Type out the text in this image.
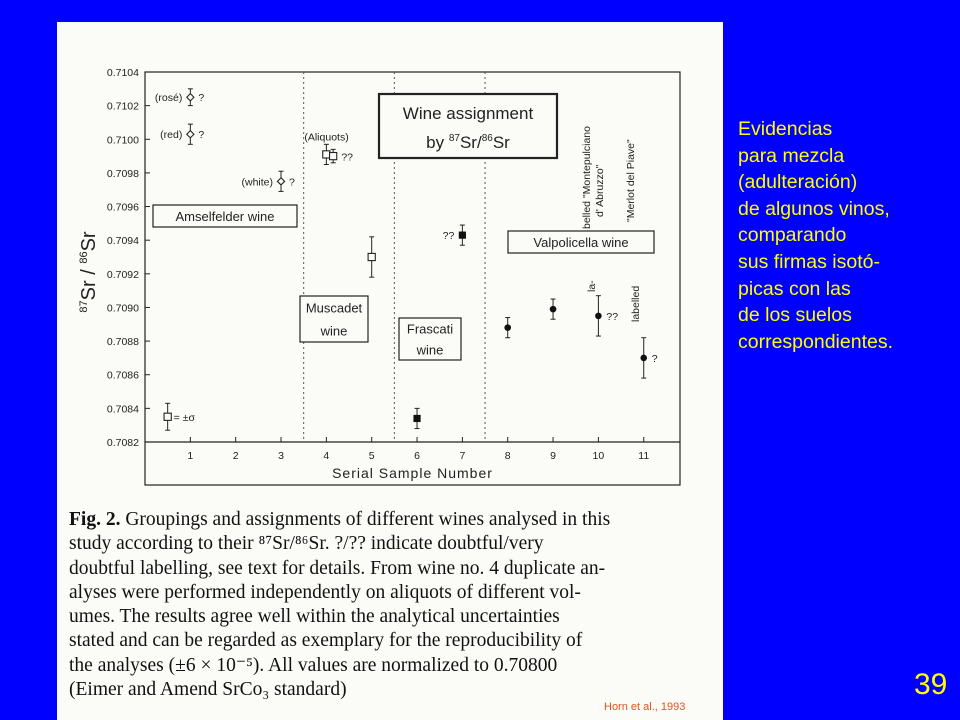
0.7082
0.7084
0.7086
0.7088
0.7090
0.7092
0.7094
0.7096
0.7098
0.7100
0.7102
0.7104
1	2	3	4	5	6	7	8	9	10	11
Serial Sample Number
$^{87}$Sr / $^{86}$Sr
Amselfelder wine
Muscadet
wine	Frascati
wine
Valpolicella wine
Wine assignment
by $^{87}$Sr/$^{86}$Sr
(rosé) ?
(red) ?
(white) ?
(Aliquots)
??
??
??
?
= ±σ
belled "Montepulciano d' Abruzzo" "Merlot del Piave"
la-	labelled
Fig. 2. Groupings and assignments of different wines analysed in this
study according to their ⁸⁷Sr/⁸⁶Sr. ?/?? indicate doubtful/very
doubtful labelling, see text for details. From wine no. 4 duplicate an-
alyses were performed independently on aliquots of different vol-
umes. The results agree well within the analytical uncertainties
stated and can be regarded as exemplary for the reproducibility of
the analyses (±6 × 10⁻⁵). All values are normalized to 0.70800
(Eimer and Amend SrCo₃ standard)
Horn et al., 1993
Evidencias
para mezcla
(adulteración)
de algunos vinos,
comparando
sus firmas isotó-
picas con las
de los suelos
correspondientes.
39
